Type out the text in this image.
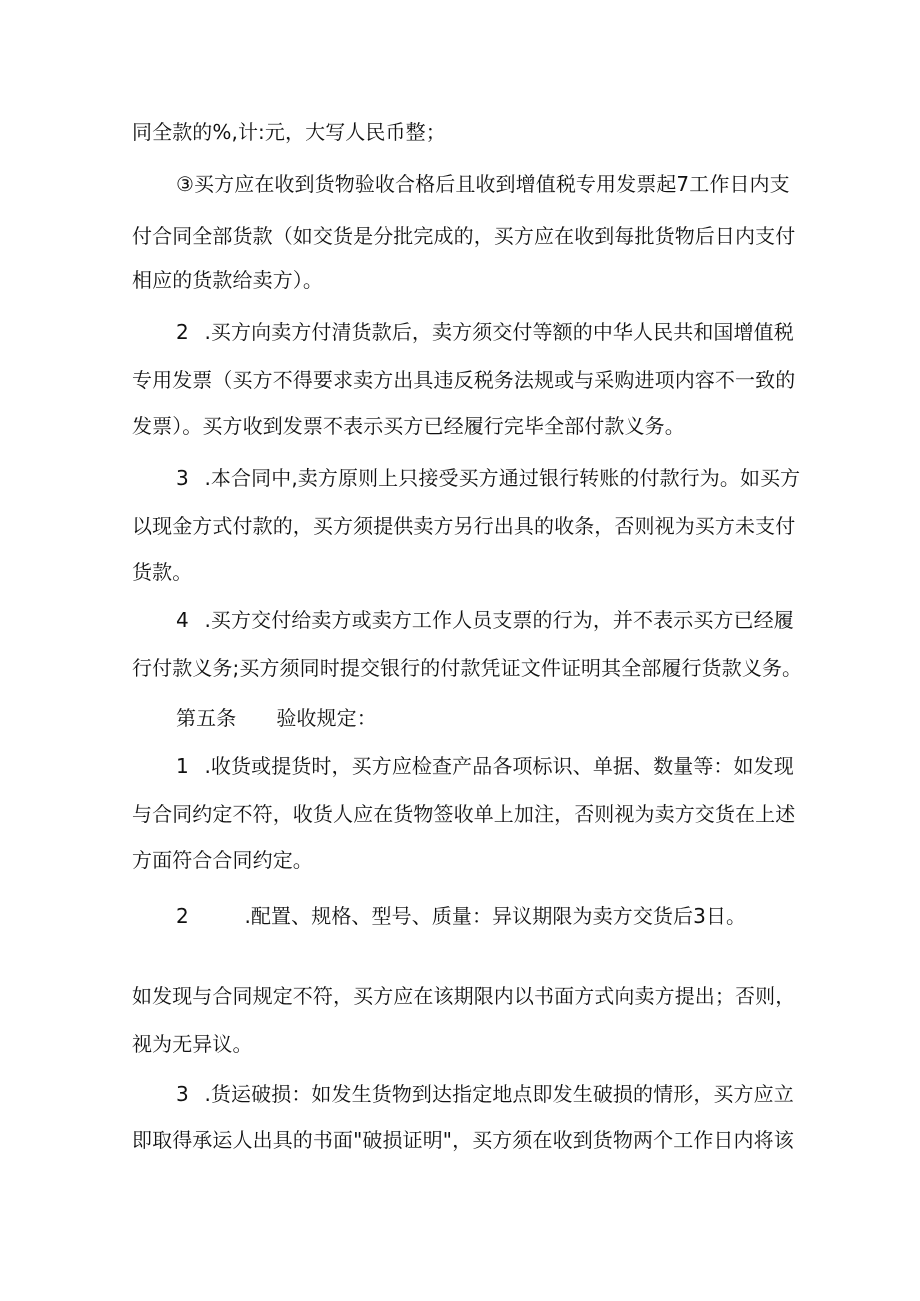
同全款的%,计:元，大写人民币整；
③买方应在收到货物验收合格后且收到增值税专用发票起7工作日内支
付合同全部货款（如交货是分批完成的，买方应在收到每批货物后日内支付
相应的货款给卖方）。
2 .买方向卖方付清货款后，卖方须交付等额的中华人民共和国增值税
专用发票（买方不得要求卖方出具违反税务法规或与采购进项内容不一致的
发票）。买方收到发票不表示买方已经履行完毕全部付款义务。
3 .本合同中,卖方原则上只接受买方通过银行转账的付款行为。如买方
以现金方式付款的，买方须提供卖方另行出具的收条，否则视为买方未支付
货款。
4 .买方交付给卖方或卖方工作人员支票的行为，并不表示买方已经履
行付款义务;买方须同时提交银行的付款凭证文件证明其全部履行货款义务。
第五条 验收规定：
1 .收货或提货时，买方应检查产品各项标识、单据、数量等：如发现
与合同约定不符，收货人应在货物签收单上加注，否则视为卖方交货在上述
方面符合合同约定。
2	.配置、规格、型号、质量：异议期限为卖方交货后3日。
如发现与合同规定不符，买方应在该期限内以书面方式向卖方提出；否则，
视为无异议。
3 .货运破损：如发生货物到达指定地点即发生破损的情形，买方应立
即取得承运人出具的书面"破损证明"，买方须在收到货物两个工作日内将该
